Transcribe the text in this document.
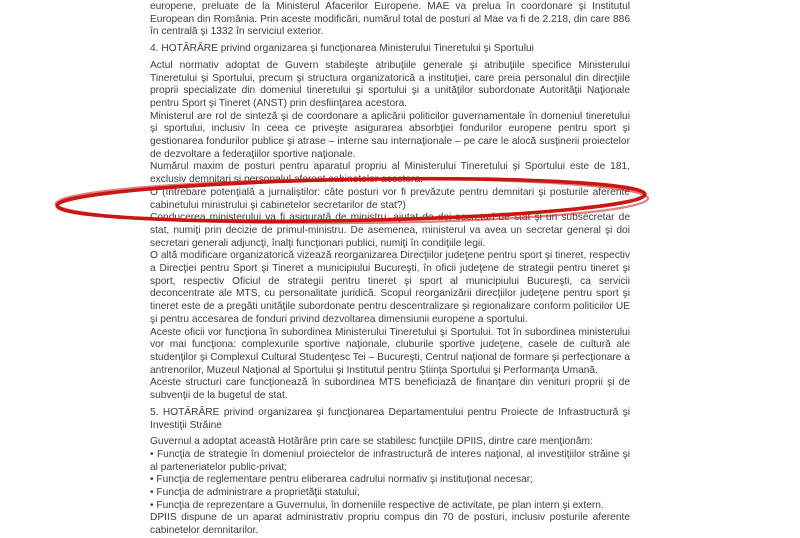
europene, preluate de la Ministerul Afacerilor Europene. MAE va prelua în coordonare şi Institutul European din România. Prin aceste modificări, numărul total de posturi al Mae va fi de 2.218, din care 886 în centrală şi 1332 în serviciul exterior.

4. HOTĂRÂRE privind organizarea şi funcţionarea Ministerului Tineretului şi Sportului

Actul normativ adoptat de Guvern stabileşte atribuţiile generale şi atribuţiile specifice Ministerului Tineretului şi Sportului, precum şi structura organizatorică a instituţiei, care preia personalul din direcţiile proprii specializate din domeniul tineretului şi sportului şi a unităţilor subordonate Autorităţii Naţionale pentru Sport şi Tineret (ANST) prin desfiinţarea acestora.

Ministerul are rol de sinteză şi de coordonare a aplicării politicilor guvernamentale în domeniul tineretului şi sportului, inclusiv în ceea ce priveşte asigurarea absorbţiei fondurilor europene pentru sport şi gestionarea fondurilor publice şi atrase – interne sau internaţionale – pe care le alocă susţinerii proiectelor de dezvoltare a federaţiilor sportive naţionale.

Numărul maxim de posturi pentru aparatul propriu al Ministerului Tineretului şi Sportului este de 181, exclusiv demnitari şi personalul aferent cabinetelor acestora.

O (întrebare potenţială a jurnaliştilor: câte posturi vor fi prevăzute pentru demnitari şi posturile aferente cabinetului ministrului şi cabinetelor secretarilor de stat?)

Conducerea ministerului va fi asigurată de ministru, ajutat de doi secretari de stat şi un subsecretar de stat, numiţi prin decizie de primul-ministru. De asemenea, ministerul va avea un secretar general şi doi secretari generali adjuncţi, înalţi funcţionari publici, numiţi în condiţiile legii.

O altă modificare organizatorică vizează reorganizarea Direcţiilor judeţene pentru sport şi tineret, respectiv a Direcţiei pentru Sport şi Tineret a municipiului Bucureşti, în oficii judeţene de strategii pentru tineret şi sport, respectiv Oficiul de strategii pentru tineret şi sport al municipiului Bucureşti, ca servicii deconcentrate ale MTS, cu personalitate juridică. Scopul reorganizării direcţiilor judeţene pentru sport şi tineret este de a pregăti unităţile subordonate pentru descentralizare şi regionalizare conform politicilor UE şi pentru accesarea de fonduri privind dezvoltarea dimensiunii europene a sportului.

Aceste oficii vor funcţiona în subordinea Ministerului Tineretului şi Sportului. Tot în subordinea ministerului vor mai funcţiona: complexurile sportive naţionale, cluburile sportive judeţene, casele de cultură ale studenţilor şi Complexul Cultural Studenţesc Tei – Bucureşti, Centrul naţional de formare şi perfecţionare a antrenorilor, Muzeul Naţional al Sportului şi Institutul pentru Ştiinţa Sportului şi Performanţa Umană.

Aceste structuri care funcţionează în subordinea MTS beneficiază de finanţare din venituri proprii şi de subvenţii de la bugetul de stat.

5. HOTĂRÂRE privind organizarea şi funcţionarea Departamentului pentru Proiecte de Infrastructură şi Investiţii Străine

Guvernul a adoptat această Hotărâre prin care se stabilesc funcţiile DPIIS, dintre care menţionăm:

• Funcţia de strategie în domeniul proiectelor de infrastructură de interes naţional, al investiţiilor străine şi al parteneriatelor public-privat;

• Funcţia de reglementare pentru eliberarea cadrului normativ şi instituţional necesar;

• Funcţia de administrare a proprietăţii statului;

• Funcţia de reprezentare a Guvernului, în domeniile respective de activitate, pe plan intern şi extern.

DPIIS dispune de un aparat administrativ propriu compus din 70 de posturi, inclusiv posturile aferente cabinetelor demnitarilor.
